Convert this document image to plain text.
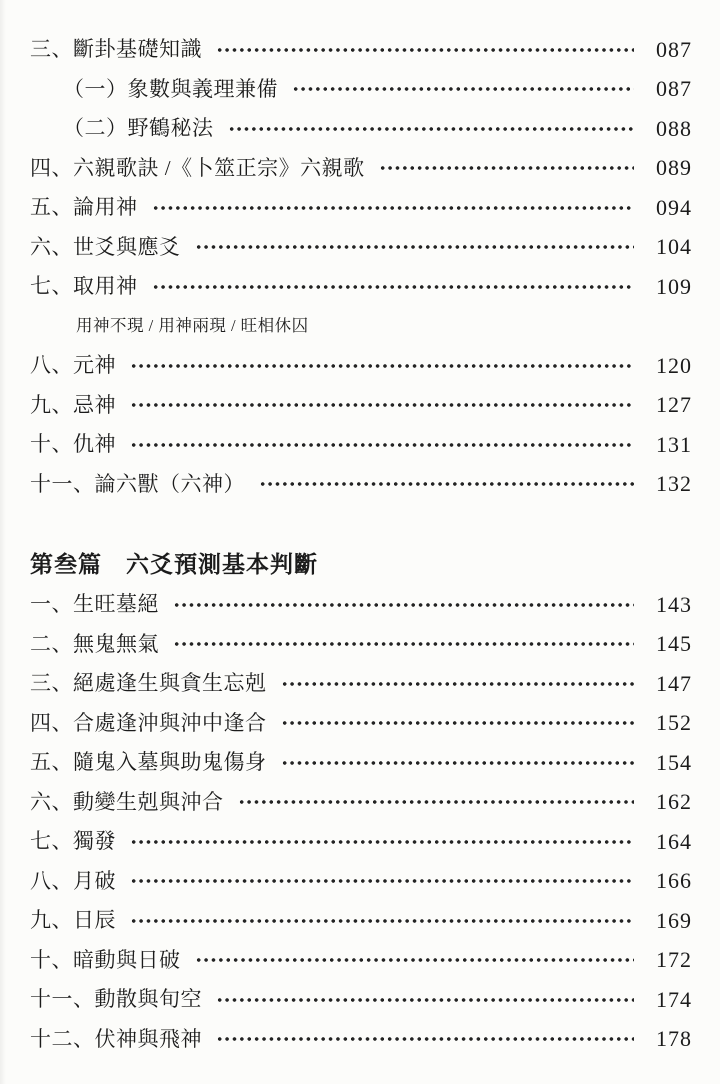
三、斷卦基礎知識	087
（一）象數與義理兼備	087
（二）野鶴秘法	088
四、六親歌訣 /《卜筮正宗》六親歌	089
五、論用神	094
六、世爻與應爻	104
七、取用神	109
用神不現 / 用神兩現 / 旺相休囚
八、元神	120
九、忌神	127
十、仇神	131
十一、論六獸（六神）	132
第叁篇　六爻預測基本判斷
一、生旺墓絕	143
二、無鬼無氣	145
三、絕處逢生與貪生忘剋	147
四、合處逢沖與沖中逢合	152
五、隨鬼入墓與助鬼傷身	154
六、動變生剋與沖合	162
七、獨發	164
八、月破	166
九、日辰	169
十、暗動與日破	172
十一、動散與旬空	174
十二、伏神與飛神	178
